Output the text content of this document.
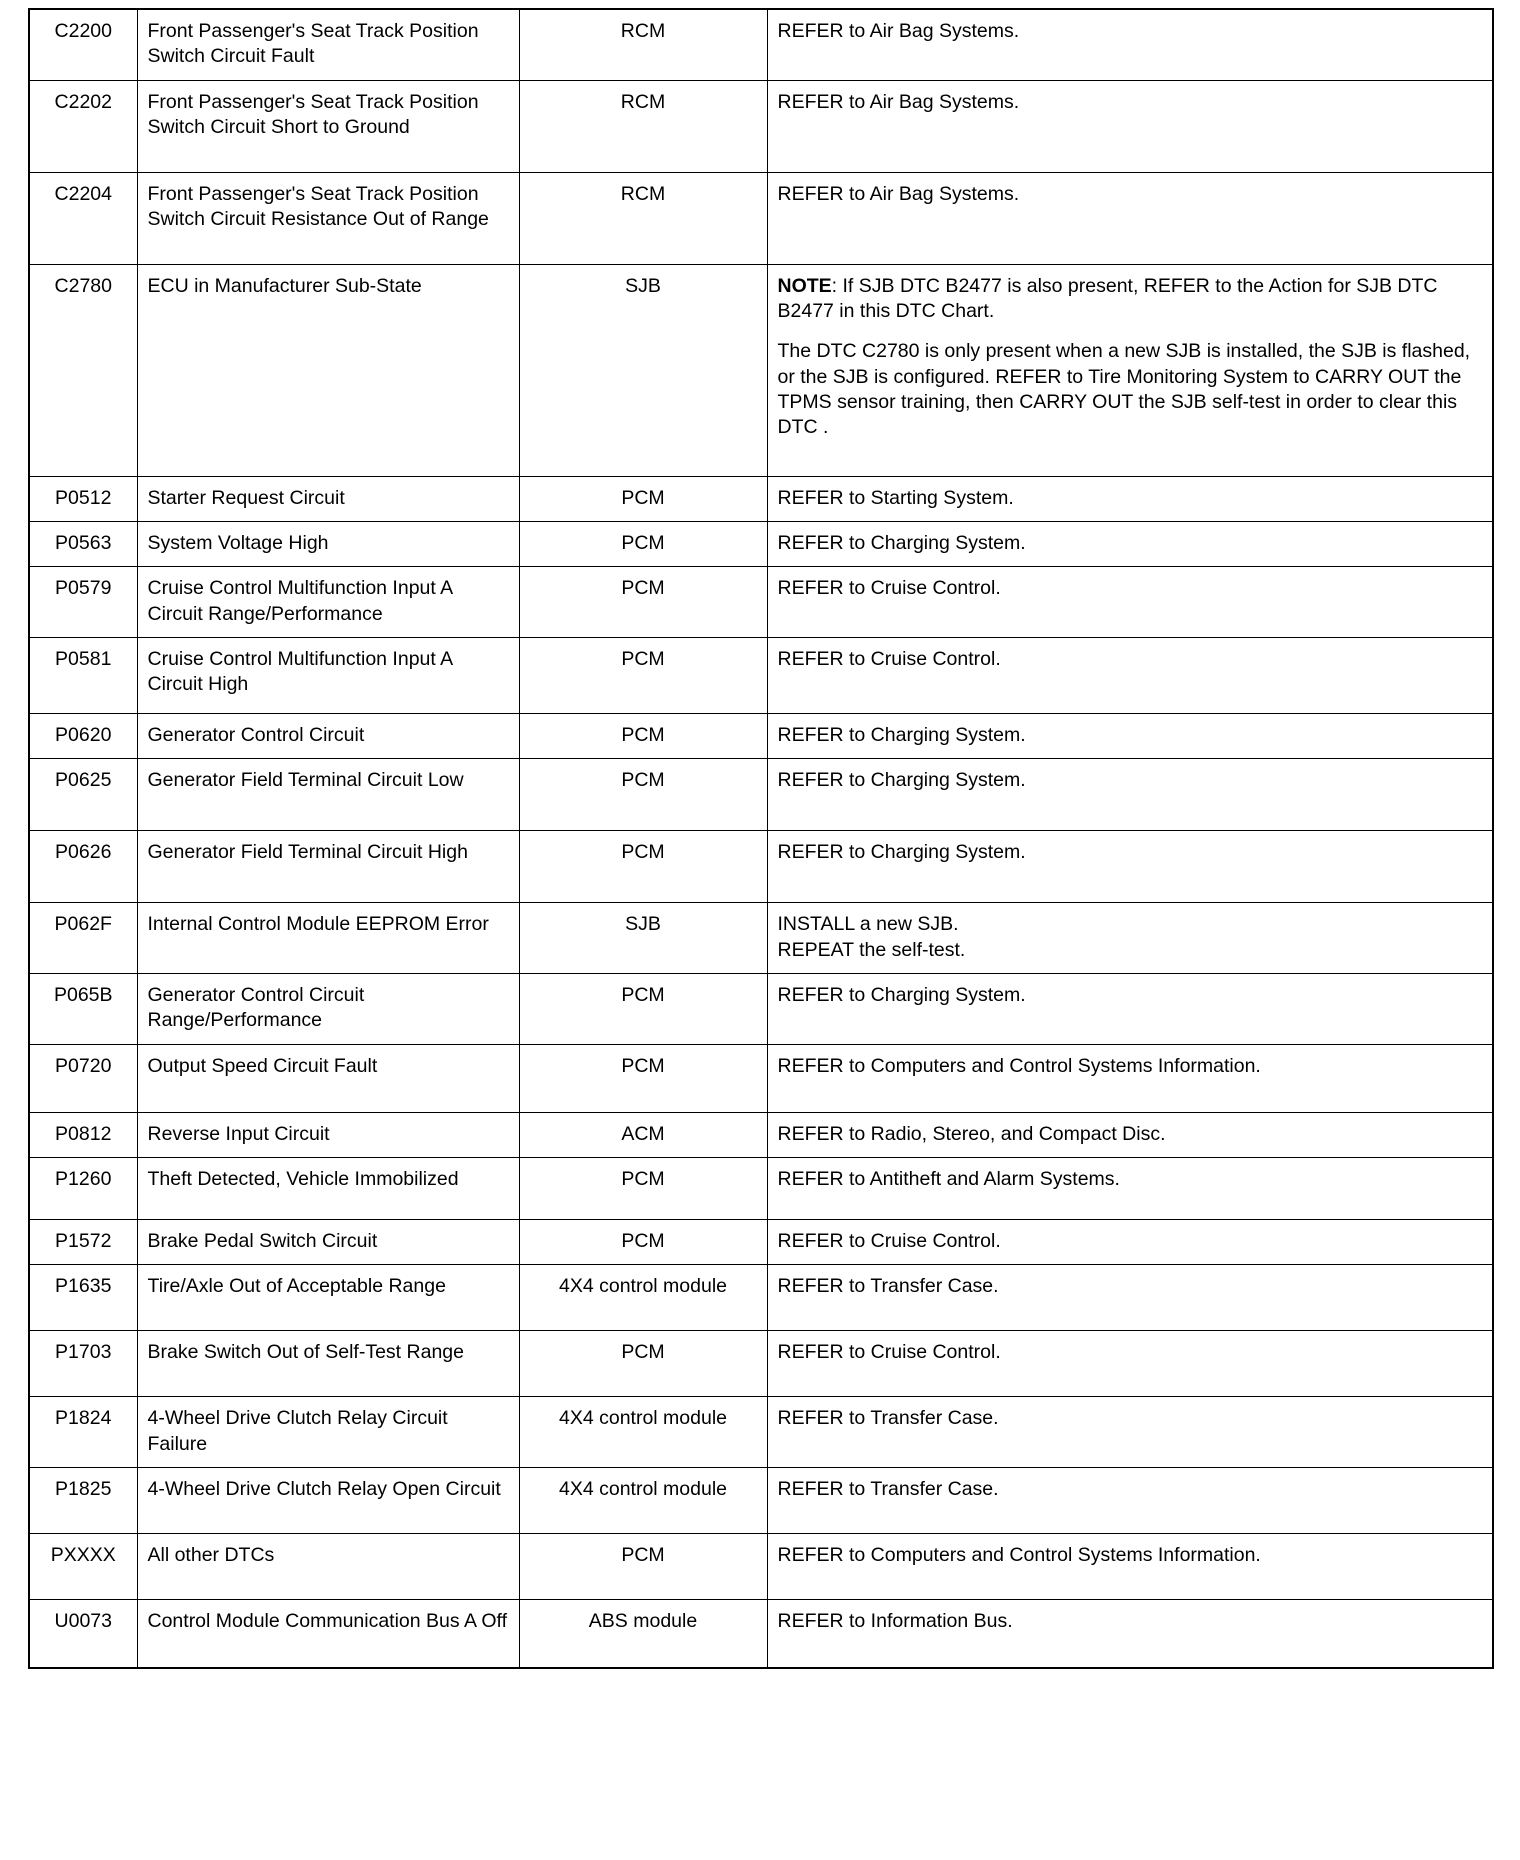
C2200	Front Passenger's Seat Track Position Switch Circuit Fault	RCM	REFER to Air Bag Systems.
C2202	Front Passenger's Seat Track Position Switch Circuit Short to Ground	RCM	REFER to Air Bag Systems.
C2204	Front Passenger's Seat Track Position Switch Circuit Resistance Out of Range	RCM	REFER to Air Bag Systems.
C2780	ECU in Manufacturer Sub-State	SJB	NOTE: If SJB DTC B2477 is also present, REFER to the Action for SJB DTC B2477 in this DTC Chart.

The DTC C2780 is only present when a new SJB is installed, the SJB is flashed, or the SJB is configured. REFER to Tire Monitoring System to CARRY OUT the TPMS sensor training, then CARRY OUT the SJB self-test in order to clear this DTC .

P0512	Starter Request Circuit	PCM	REFER to Starting System.
P0563	System Voltage High	PCM	REFER to Charging System.
P0579	Cruise Control Multifunction Input A Circuit Range/Performance	PCM	REFER to Cruise Control.
P0581	Cruise Control Multifunction Input A Circuit High	PCM	REFER to Cruise Control.
P0620	Generator Control Circuit	PCM	REFER to Charging System.
P0625	Generator Field Terminal Circuit Low	PCM	REFER to Charging System.
P0626	Generator Field Terminal Circuit High	PCM	REFER to Charging System.
P062F	Internal Control Module EEPROM Error	SJB	INSTALL a new SJB.
REPEAT the self-test.

P065B	Generator Control Circuit Range/Performance	PCM	REFER to Charging System.
P0720	Output Speed Circuit Fault	PCM	REFER to Computers and Control Systems Information.
P0812	Reverse Input Circuit	ACM	REFER to Radio, Stereo, and Compact Disc.
P1260	Theft Detected, Vehicle Immobilized	PCM	REFER to Antitheft and Alarm Systems.
P1572	Brake Pedal Switch Circuit	PCM	REFER to Cruise Control.
P1635	Tire/Axle Out of Acceptable Range	4X4 control module	REFER to Transfer Case.
P1703	Brake Switch Out of Self-Test Range	PCM	REFER to Cruise Control.
P1824	4-Wheel Drive Clutch Relay Circuit Failure	4X4 control module	REFER to Transfer Case.
P1825	4-Wheel Drive Clutch Relay Open Circuit	4X4 control module	REFER to Transfer Case.
PXXXX	All other DTCs	PCM	REFER to Computers and Control Systems Information.
U0073	Control Module Communication Bus A Off	ABS module	REFER to Information Bus.
